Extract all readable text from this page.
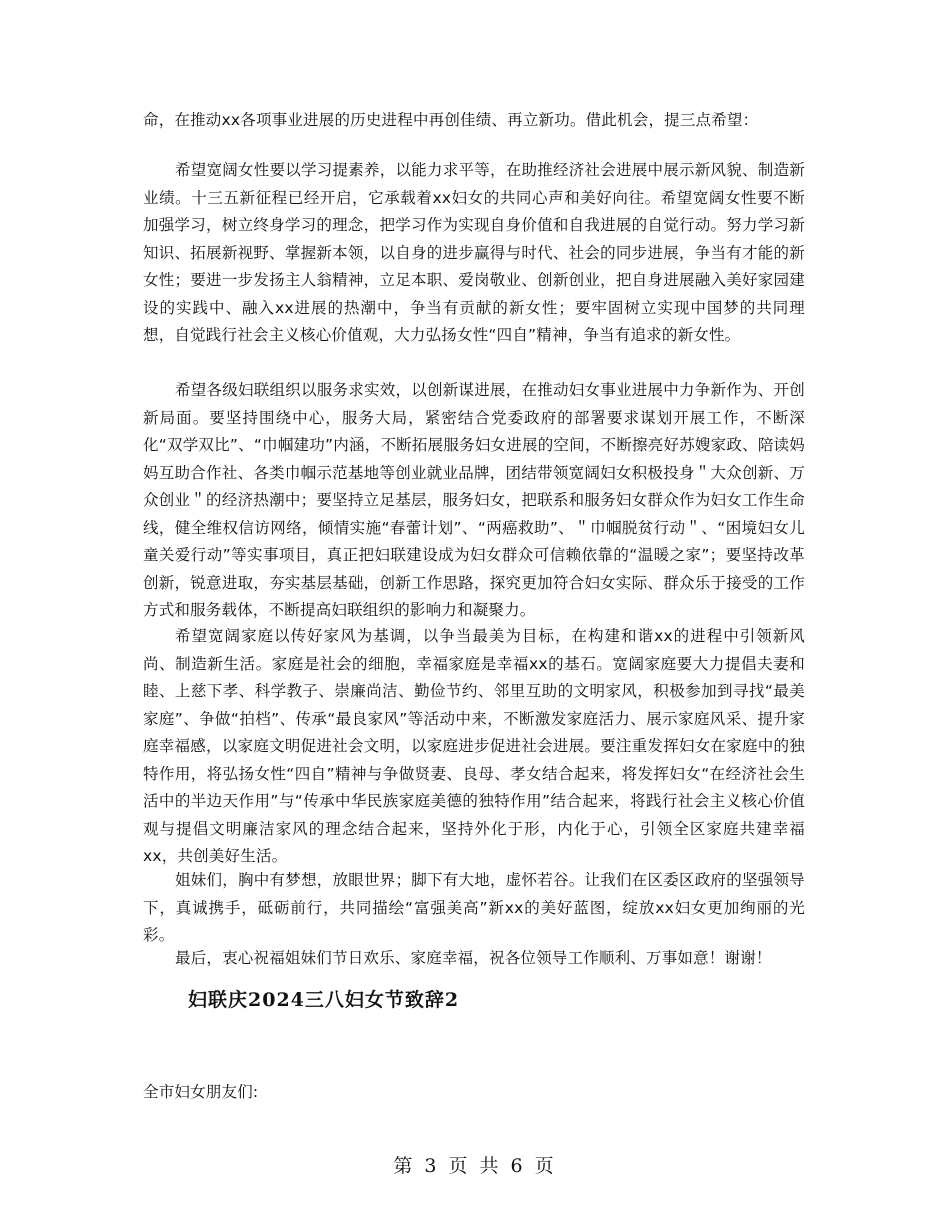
命，在推动xx各项事业进展的历史进程中再创佳绩、再立新功。借此机会，提三点希望：

希望宽阔女性要以学习提素养，以能力求平等，在助推经济社会进展中展示新风貌、制造新业绩。十三五新征程已经开启，它承载着xx妇女的共同心声和美好向往。希望宽阔女性要不断加强学习，树立终身学习的理念，把学习作为实现自身价值和自我进展的自觉行动。努力学习新知识、拓展新视野、掌握新本领，以自身的进步赢得与时代、社会的同步进展，争当有才能的新女性；要进一步发扬主人翁精神，立足本职、爱岗敬业、创新创业，把自身进展融入美好家园建设的实践中、融入xx进展的热潮中，争当有贡献的新女性；要牢固树立实现中国梦的共同理想，自觉践行社会主义核心价值观，大力弘扬女性“四自”精神，争当有追求的新女性。

希望各级妇联组织以服务求实效，以创新谋进展，在推动妇女事业进展中力争新作为、开创新局面。要坚持围绕中心，服务大局，紧密结合党委政府的部署要求谋划开展工作，不断深化“双学双比”、“巾帼建功”内涵，不断拓展服务妇女进展的空间，不断擦亮好苏嫂家政、陪读妈妈互助合作社、各类巾帼示范基地等创业就业品牌，团结带领宽阔妇女积极投身＂大众创新、万众创业＂的经济热潮中；要坚持立足基层，服务妇女，把联系和服务妇女群众作为妇女工作生命线，健全维权信访网络，倾情实施“春蕾计划”、“两癌救助”、＂巾帼脱贫行动＂、“困境妇女儿童关爱行动”等实事项目，真正把妇联建设成为妇女群众可信赖依靠的“温暖之家”；要坚持改革创新，锐意进取，夯实基层基础，创新工作思路，探究更加符合妇女实际、群众乐于接受的工作方式和服务载体，不断提高妇联组织的影响力和凝聚力。

希望宽阔家庭以传好家风为基调，以争当最美为目标，在构建和谐xx的进程中引领新风尚、制造新生活。家庭是社会的细胞，幸福家庭是幸福xx的基石。宽阔家庭要大力提倡夫妻和睦、上慈下孝、科学教子、崇廉尚洁、勤俭节约、邻里互助的文明家风，积极参加到寻找“最美家庭”、争做“拍档”、传承“最良家风”等活动中来，不断激发家庭活力、展示家庭风采、提升家庭幸福感，以家庭文明促进社会文明，以家庭进步促进社会进展。要注重发挥妇女在家庭中的独特作用，将弘扬女性“四自”精神与争做贤妻、良母、孝女结合起来，将发挥妇女“在经济社会生活中的半边天作用”与“传承中华民族家庭美德的独特作用”结合起来，将践行社会主义核心价值观与提倡文明廉洁家风的理念结合起来，坚持外化于形，内化于心，引领全区家庭共建幸福xx，共创美好生活。

姐妹们，胸中有梦想，放眼世界；脚下有大地，虚怀若谷。让我们在区委区政府的坚强领导下，真诚携手，砥砺前行，共同描绘“富强美高”新xx的美好蓝图，绽放xx妇女更加绚丽的光彩。

最后，衷心祝福姐妹们节日欢乐、家庭幸福，祝各位领导工作顺利、万事如意！谢谢！

妇联庆2024三八妇女节致辞2

全市妇女朋友们:

第 3 页 共 6 页
